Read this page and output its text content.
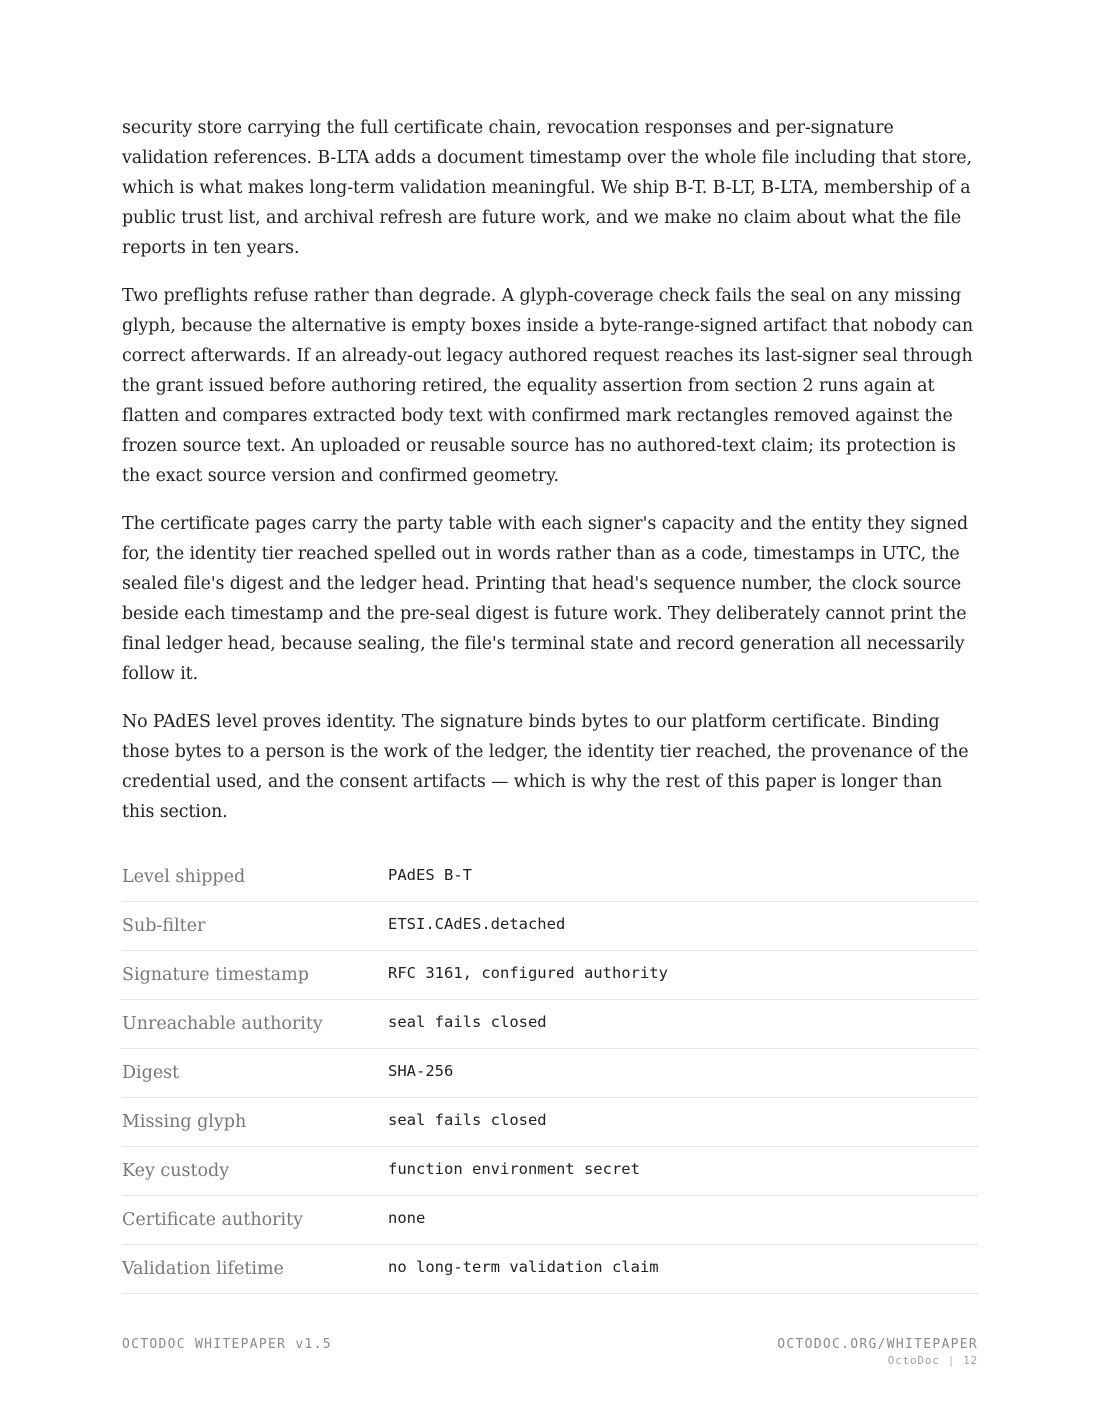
security store carrying the full certificate chain, revocation responses and per-signature validation references. B-LTA adds a document timestamp over the whole file including that store, which is what makes long-term validation meaningful. We ship B-T. B-LT, B-LTA, membership of a public trust list, and archival refresh are future work, and we make no claim about what the file reports in ten years.

Two preflights refuse rather than degrade. A glyph-coverage check fails the seal on any missing glyph, because the alternative is empty boxes inside a byte-range-signed artifact that nobody can correct afterwards. If an already-out legacy authored request reaches its last-signer seal through the grant issued before authoring retired, the equality assertion from section 2 runs again at flatten and compares extracted body text with confirmed mark rectangles removed against the frozen source text. An uploaded or reusable source has no authored-text claim; its protection is the exact source version and confirmed geometry.

The certificate pages carry the party table with each signer's capacity and the entity they signed for, the identity tier reached spelled out in words rather than as a code, timestamps in UTC, the sealed file's digest and the ledger head. Printing that head's sequence number, the clock source beside each timestamp and the pre-seal digest is future work. They deliberately cannot print the final ledger head, because sealing, the file's terminal state and record generation all necessarily follow it.

No PAdES level proves identity. The signature binds bytes to our platform certificate. Binding those bytes to a person is the work of the ledger, the identity tier reached, the provenance of the credential used, and the consent artifacts — which is why the rest of this paper is longer than this section.

Level shipped	PAdES B-T
Sub-filter	ETSI.CAdES.detached
Signature timestamp	RFC 3161, configured authority
Unreachable authority	seal fails closed
Digest	SHA-256
Missing glyph	seal fails closed
Key custody	function environment secret
Certificate authority	none
Validation lifetime	no long-term validation claim
OCTODOC WHITEPAPER v1.5	OCTODOC.ORG/WHITEPAPER
OctoDoc | 12
